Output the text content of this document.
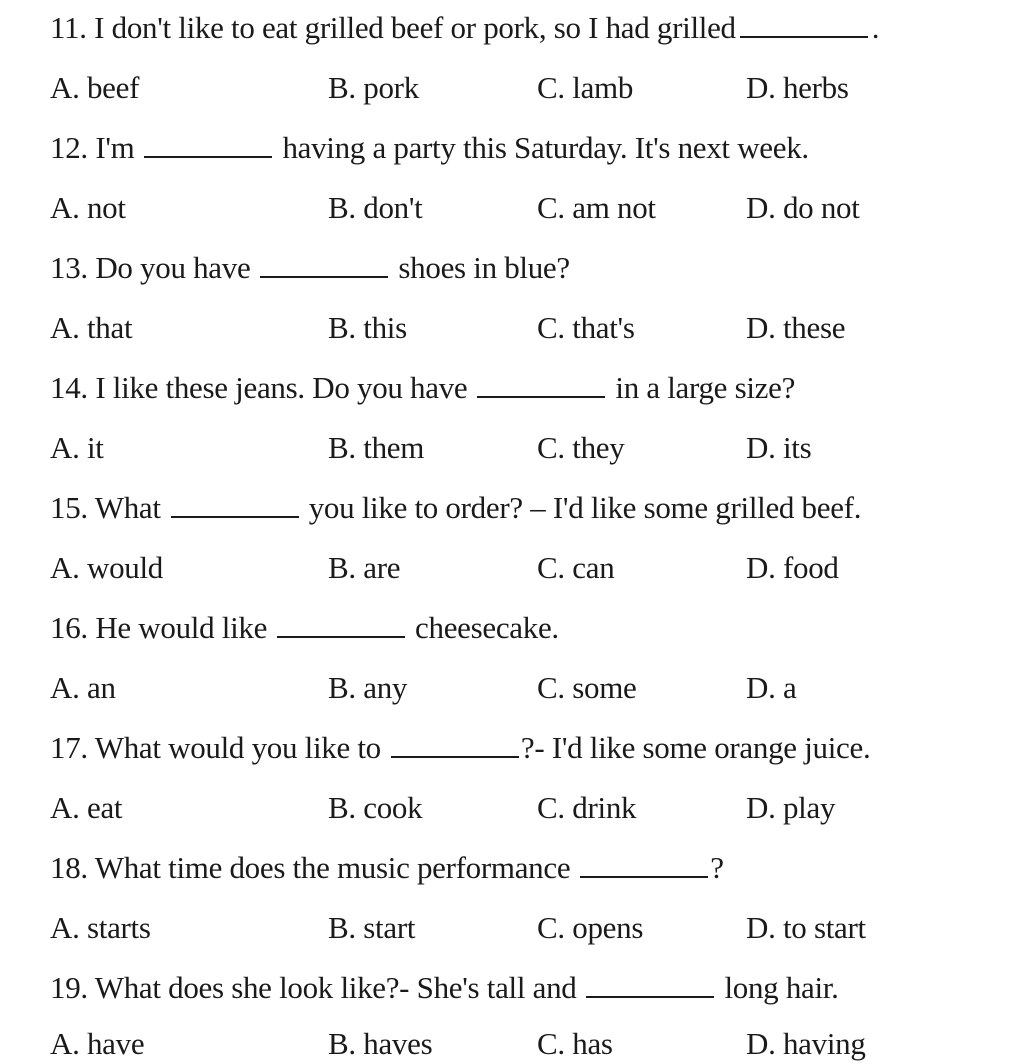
11. I don't like to eat grilled beef or pork, so I had grilled	.
A. beef	B. pork	C. lamb	D. herbs
12. I'm	having a party this Saturday. It's next week.
A. not	B. don't	C. am not	D. do not
13. Do you have	shoes in blue?
A. that	B. this	C. that's	D. these
14. I like these jeans. Do you have	in a large size?
A. it	B. them	C. they	D. its
15. What	you like to order? – I'd like some grilled beef.
A. would	B. are	C. can	D. food
16. He would like	cheesecake.
A. an	B. any	C. some	D. a
17. What would you like to	?- I'd like some orange juice.
A. eat	B. cook	C. drink	D. play
18. What time does the music performance	?
A. starts	B. start	C. opens	D. to start
19. What does she look like?- She's tall and	long hair.
A. have	B. haves	C. has	D. having
